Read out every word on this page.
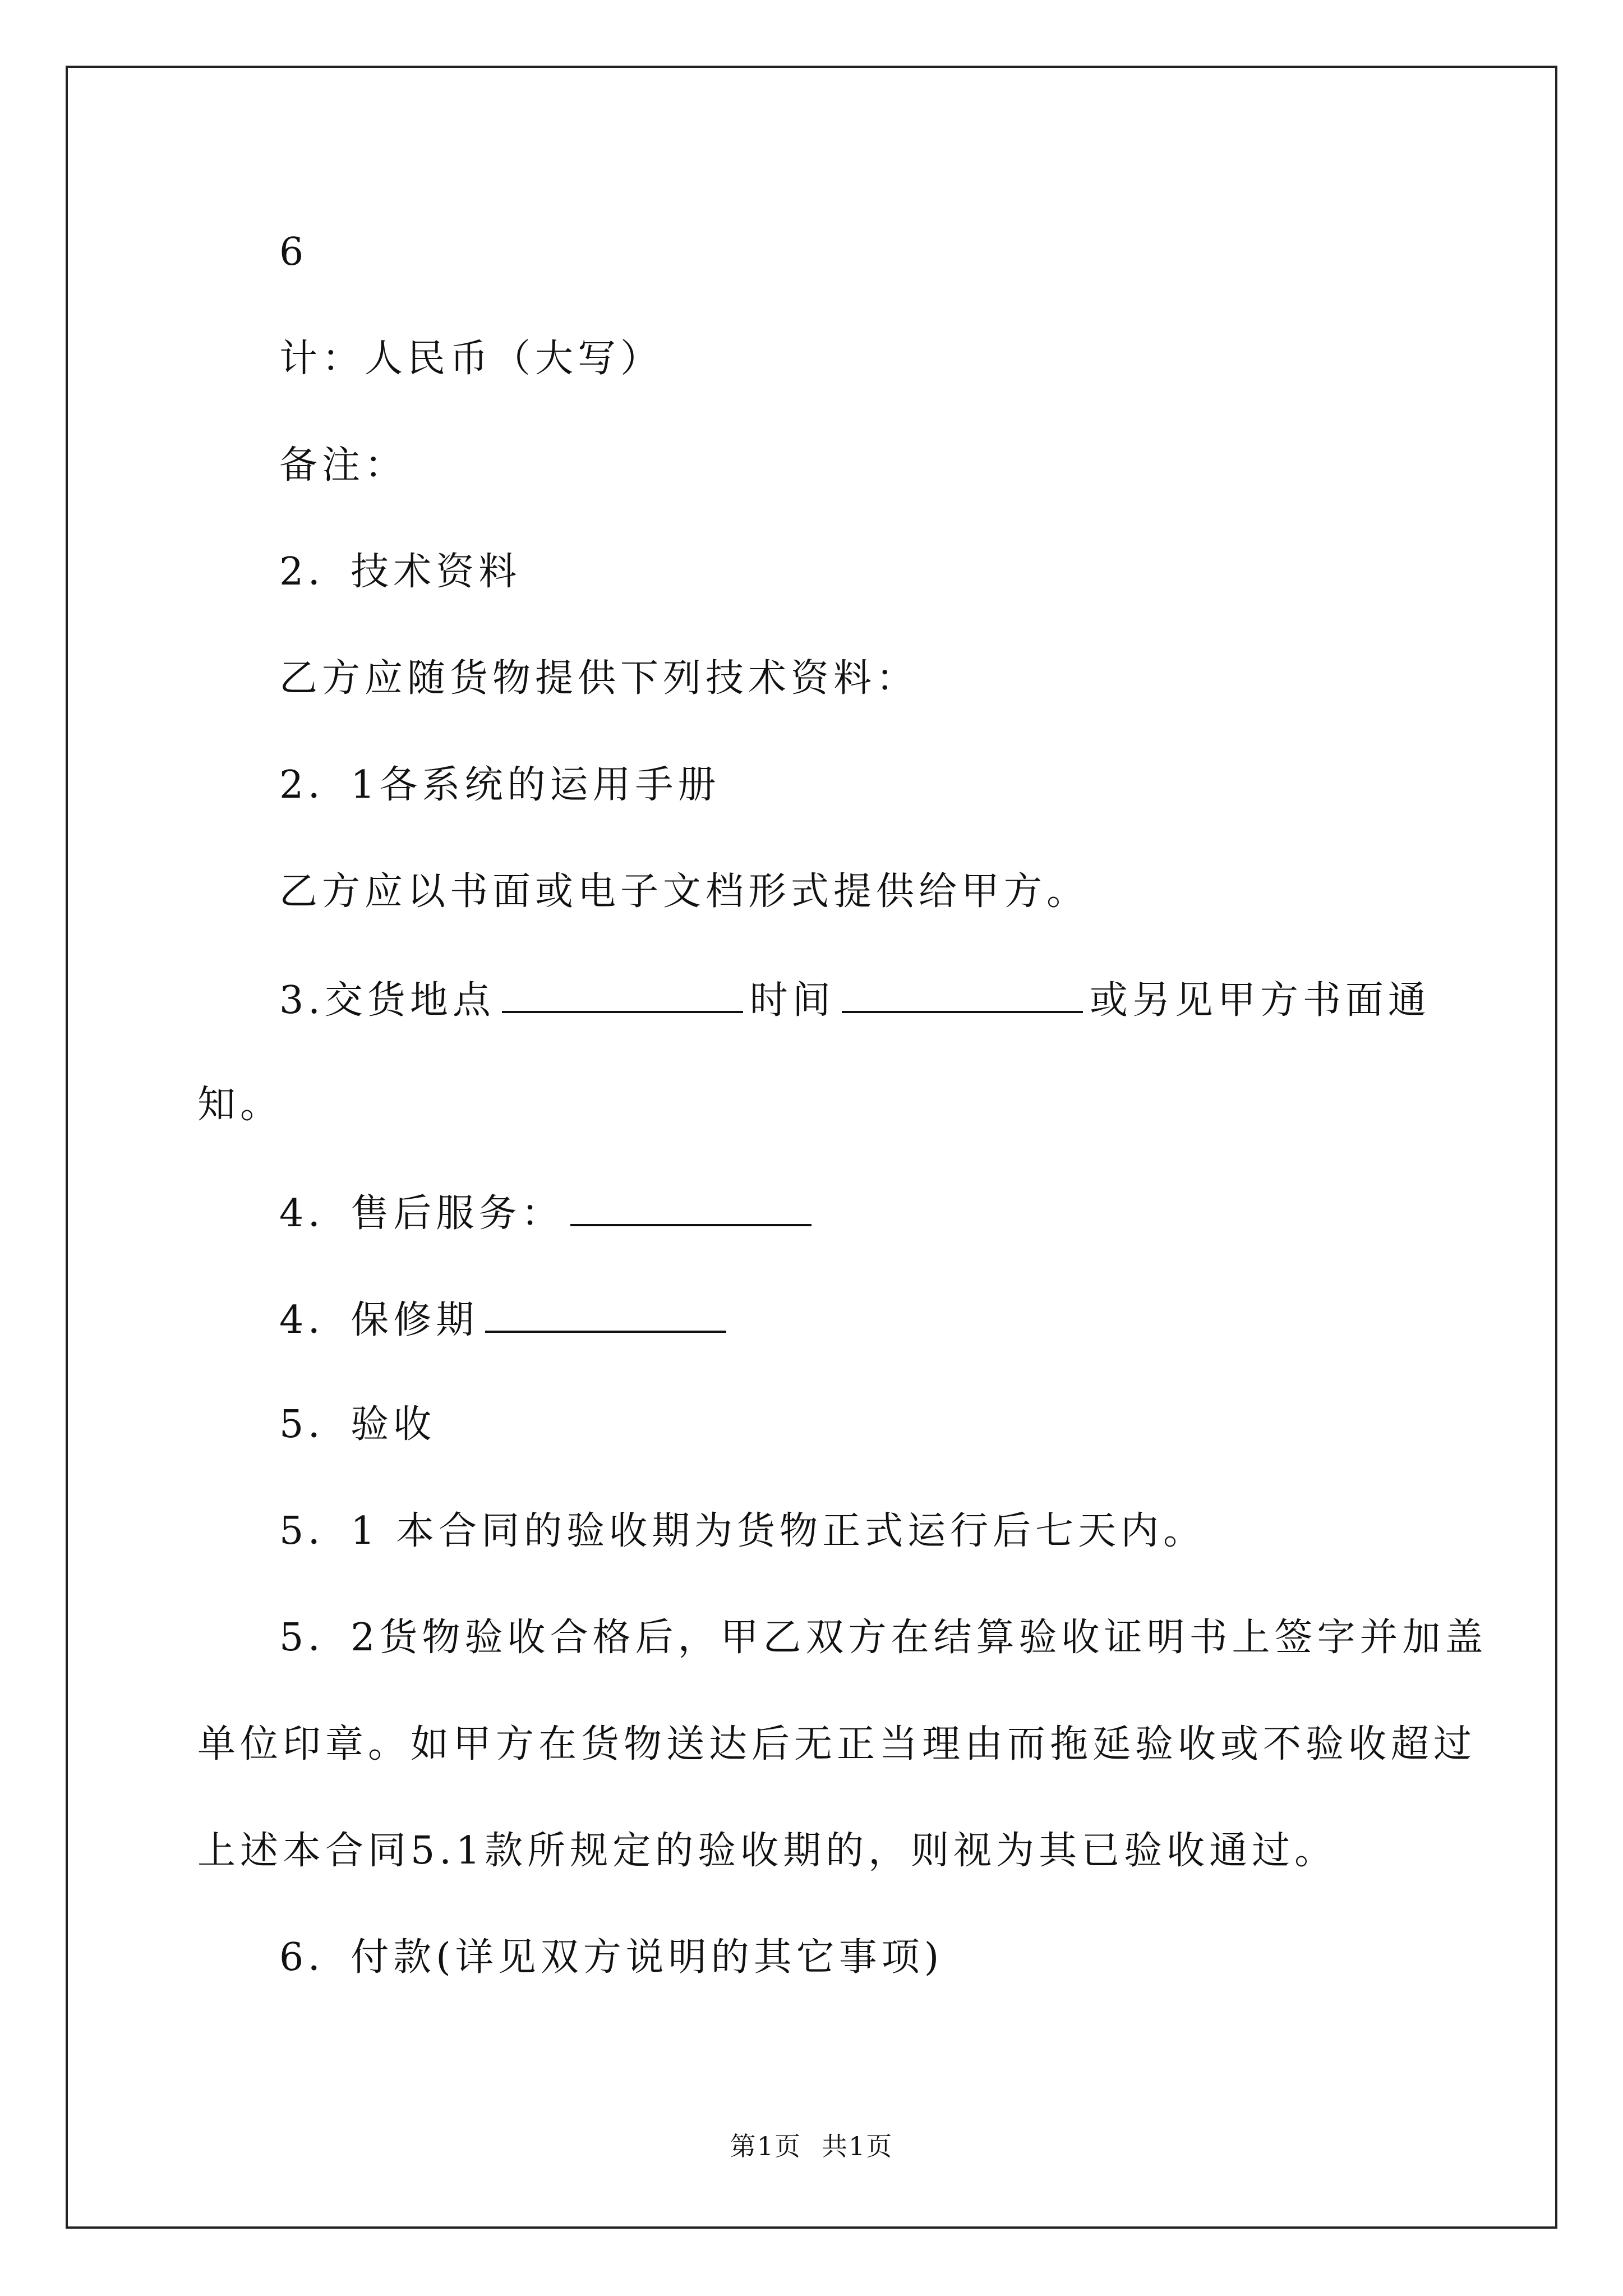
6
计：人民币（大写）
备注：
2．技术资料
乙方应随货物提供下列技术资料：
2．1各系统的运用手册
乙方应以书面或电子文档形式提供给甲方。
3.交货地点	时间	或另见甲方书面通
知。
4．售后服务：
4．保修期
5．验收
5．1 本合同的验收期为货物正式运行后七天内。
5．2货物验收合格后，甲乙双方在结算验收证明书上签字并加盖
单位印章。如甲方在货物送达后无正当理由而拖延验收或不验收超过
上述本合同5.1款所规定的验收期的，则视为其已验收通过。
6．付款(详见双方说明的其它事项)
第1页 共1页
